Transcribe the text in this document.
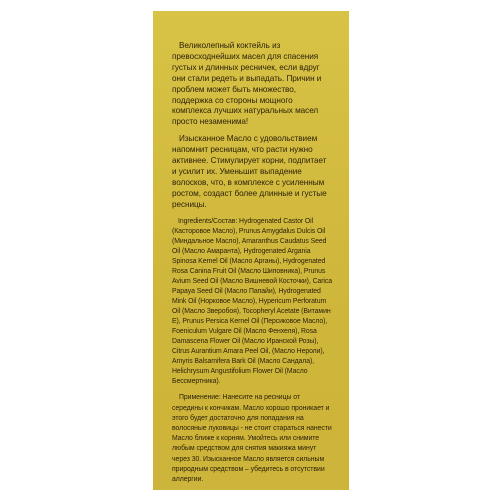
Великолепный коктейль из превосходнейших масел для спасения густых и длинных ресничек, если вдруг они стали редеть и выпадать. Причин и проблем может быть множество, поддержка со стороны мощного комплекса лучших натуральных масел просто незаменима!

Изысканное Масло с удовольствием напомнит ресницам, что расти нужно активнее. Стимулирует корни, подпитает и усилит их. Уменьшит выпадение волосков, что, в комплексе с усиленным ростом, создаст более длинные и густые ресницы.

Ingredients/Состав: Hydrogenated Castor Oil (Касторовое Масло), Prunus Amygdalus Dulcis Oil (Миндальное Масло), Amaranthus Caudatus Seed Oil (Масло Амаранта), Hydrogenated Argania Spinosa Kernel Oil (Масло Арганы), Hydrogenated Rosa Canina Fruit Oil (Масло Шиповника), Prunus Avium Seed Oil (Масло Вишневой Косточки), Carica Papaya Seed Oil (Масло Папайи), Hydrogenated Mink Oil (Норковое Масло), Hypericum Perforatum Oil (Масло Зверобоя), Tocopheryl Acetate (Витамин Е), Prunus Persica Kernel Oil (Персиковое Масло), Foeniculum Vulgare Oil (Масло Фенхеля), Rosa Damascena Flower Oil (Масло Иранской Розы), Citrus Aurantium Amara Peel Oil, (Масло Нероли), Amyris Balsamifera Bark Oil (Масло Сандала), Helichrysum Angustifolium Flower Oil (Масло Бессмертника).

Применение: Нанесите на ресницы от середины к кончикам. Масло хорошо проникает и этого будет достаточно для попадания на волосяные луковицы - не стоит стараться нанести Масло ближе к корням. Умойтесь или снимите любым средством для снятия макияжа минут через 30. Изысканное Масло является сильным природным средством – убедитесь в отсутствии аллергии.
